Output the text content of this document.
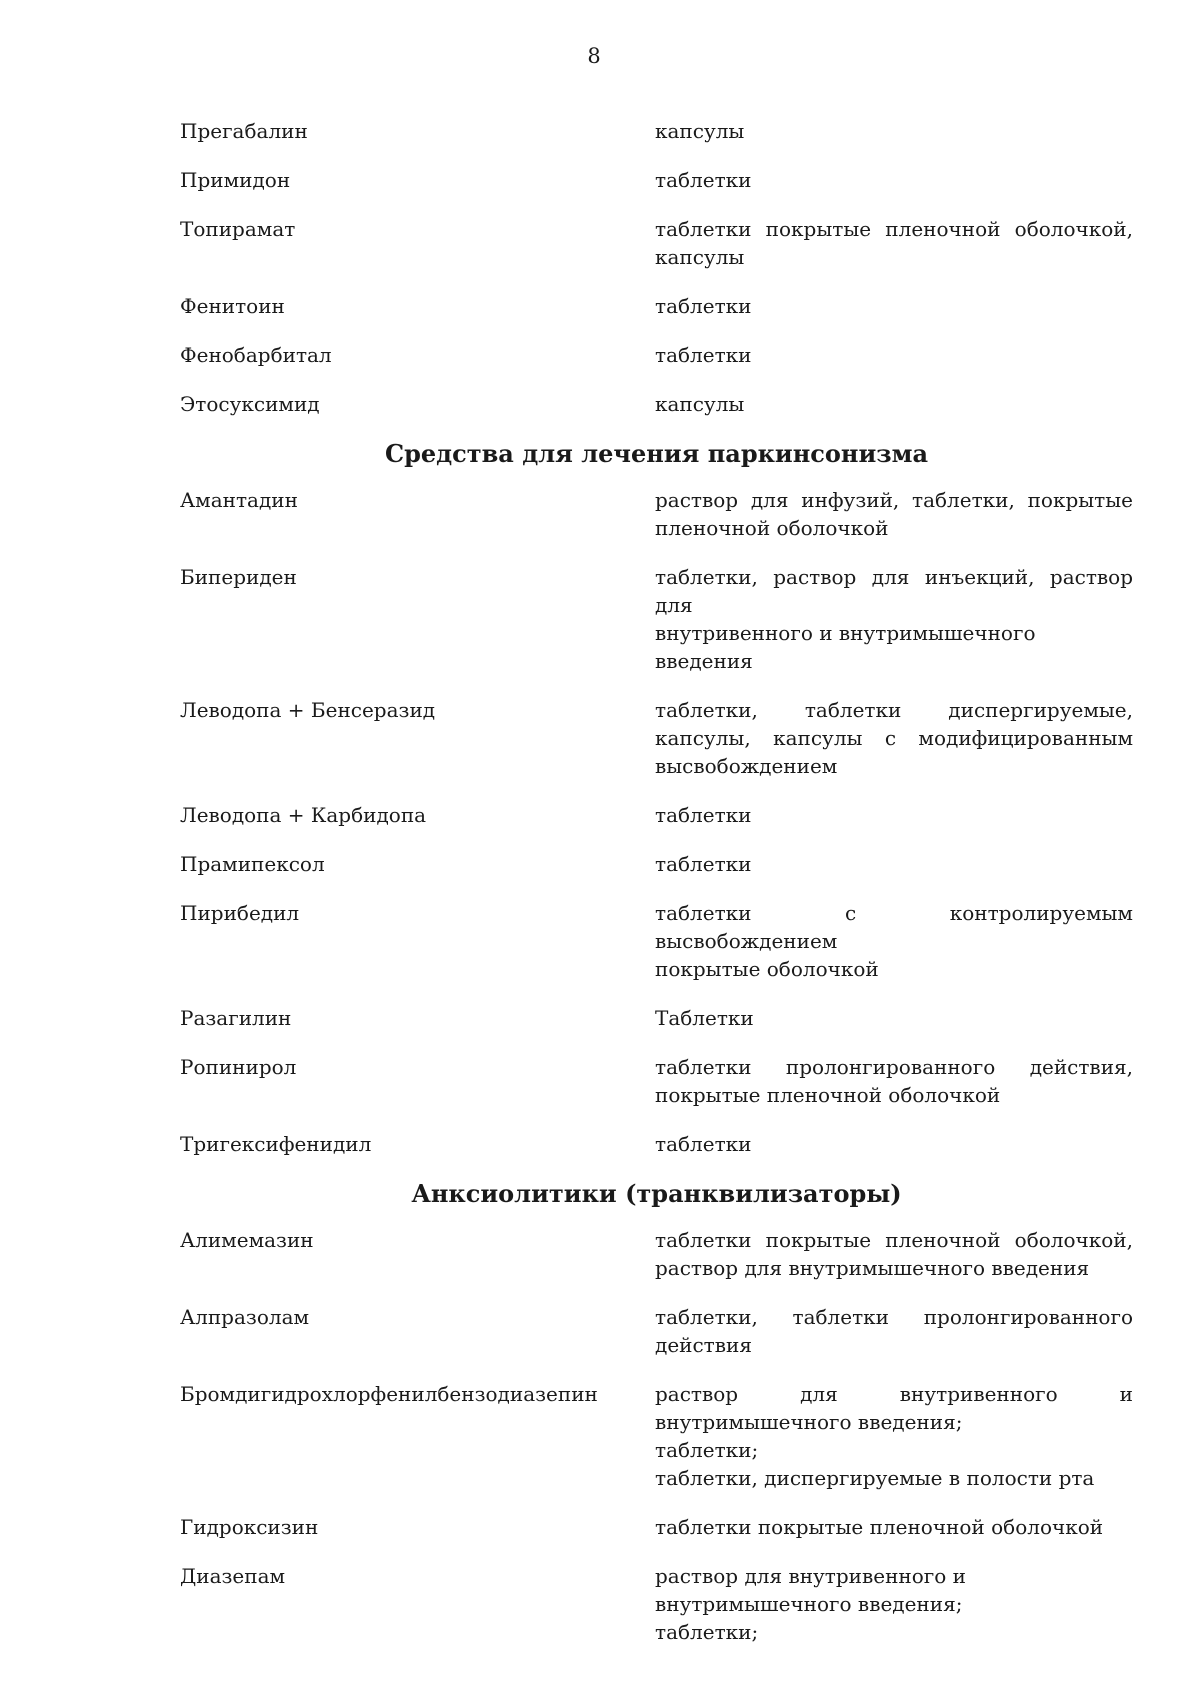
8
Прегабалин	капсулы
Примидон	таблетки
Топирамат	таблетки покрытые пленочной оболочкой,
капсулы
Фенитоин	таблетки
Фенобарбитал	таблетки
Этосуксимид	капсулы
Средства для лечения паркинсонизма
Амантадин	раствор для инфузий, таблетки, покрытые
пленочной оболочкой
Бипериден	таблетки, раствор для инъекций, раствор для
внутривенного и внутримышечного введения
Леводопа + Бенсеразид	таблетки, таблетки диспергируемые,
капсулы, капсулы с модифицированным
высвобождением
Леводопа + Карбидопа	таблетки
Прамипексол	таблетки
Пирибедил	таблетки с контролируемым высвобождением
покрытые оболочкой
Разагилин	Таблетки
Ропинирол	таблетки пролонгированного действия,
покрытые пленочной оболочкой
Тригексифенидил	таблетки
Анксиолитики (транквилизаторы)
Алимемазин	таблетки покрытые пленочной оболочкой,
раствор для внутримышечного введения
Алпразолам	таблетки, таблетки пролонгированного
действия
Бромдигидрохлорфенилбензодиазепин	раствор для внутривенного и
внутримышечного введения;
таблетки;
таблетки, диспергируемые в полости рта
Гидроксизин	таблетки покрытые пленочной оболочкой
Диазепам	раствор для внутривенного и
внутримышечного введения;
таблетки;
